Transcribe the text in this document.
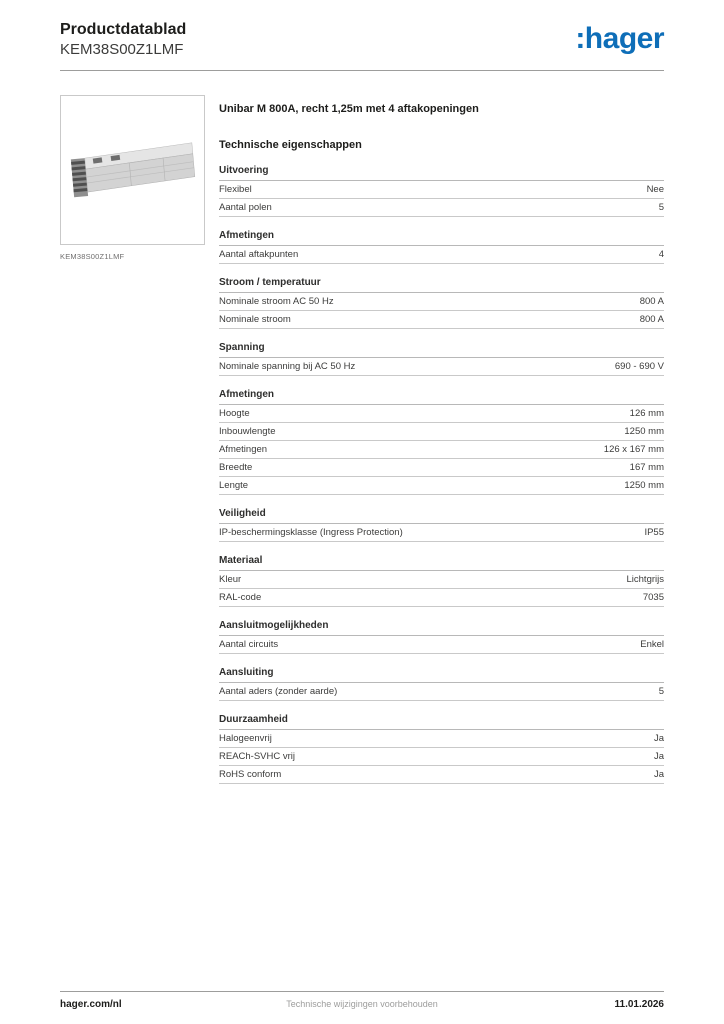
Productdatablad
KEM38S00Z1LMF	:hager
KEM38S00Z1LMF
Unibar M 800A, recht 1,25m met 4 aftakopeningen
Technische eigenschappen
Uitvoering
Flexibel	Nee
Aantal polen	5
Afmetingen
Aantal aftakpunten	4
Stroom / temperatuur
Nominale stroom AC 50 Hz	800 A
Nominale stroom	800 A
Spanning
Nominale spanning bij AC 50 Hz	690 - 690 V
Afmetingen
Hoogte	126 mm
Inbouwlengte	1250 mm
Afmetingen	126 x 167 mm
Breedte	167 mm
Lengte	1250 mm
Veiligheid
IP-beschermingsklasse (Ingress Protection)	IP55
Materiaal
Kleur	Lichtgrijs
RAL-code	7035
Aansluitmogelijkheden
Aantal circuits	Enkel
Aansluiting
Aantal aders (zonder aarde)	5
Duurzaamheid
Halogeenvrij	Ja
REACh-SVHC vrij	Ja
RoHS conform	Ja
hager.com/nl	Technische wijzigingen voorbehouden	11.01.2026
